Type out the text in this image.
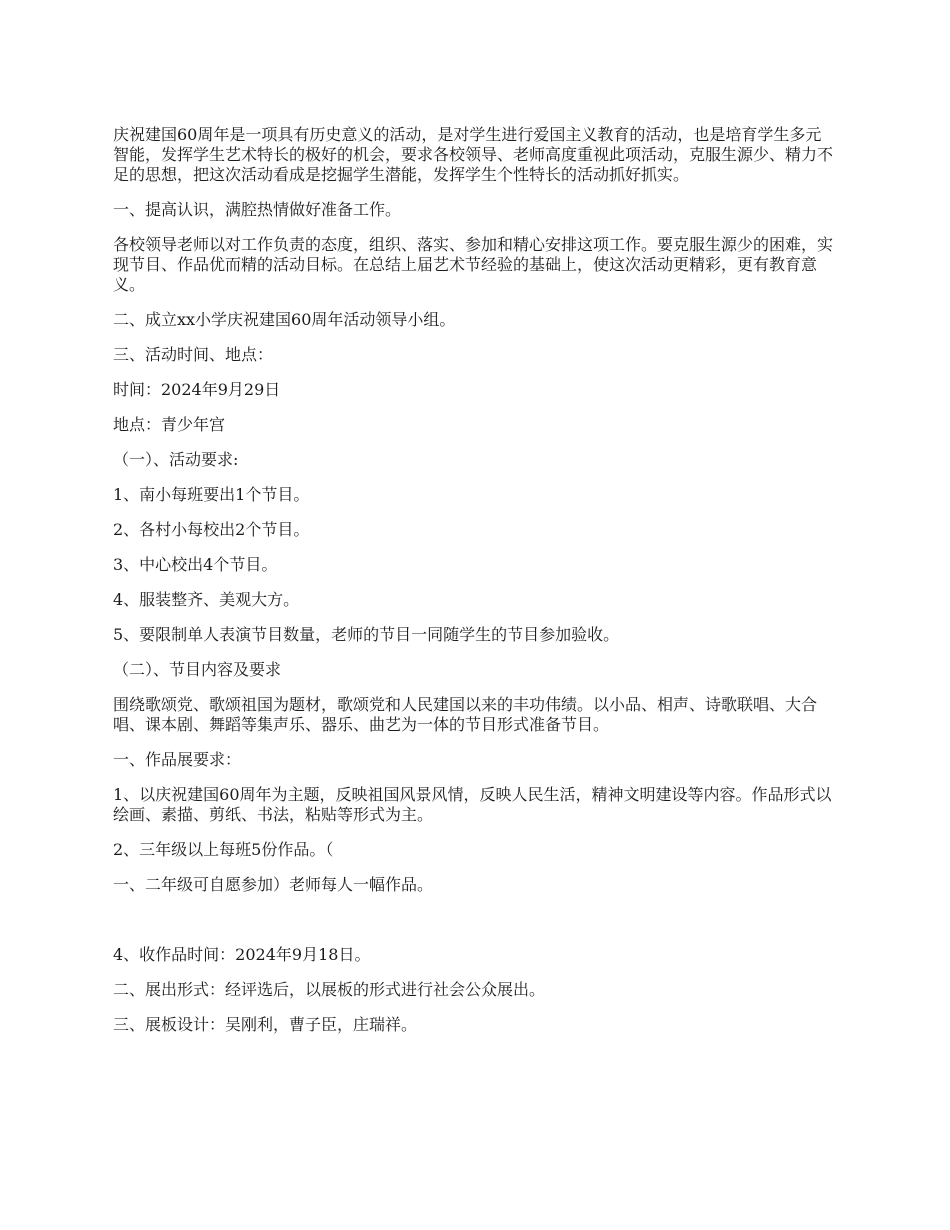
庆祝建国60周年是一项具有历史意义的活动，是对学生进行爱国主义教育的活动，也是培育学生多元智能，发挥学生艺术特长的极好的机会，要求各校领导、老师高度重视此项活动，克服生源少、精力不足的思想，把这次活动看成是挖掘学生潜能，发挥学生个性特长的活动抓好抓实。

一、提高认识，满腔热情做好准备工作。

各校领导老师以对工作负责的态度，组织、落实、参加和精心安排这项工作。要克服生源少的困难，实现节目、作品优而精的活动目标。在总结上届艺术节经验的基础上，使这次活动更精彩，更有教育意义。

二、成立xx小学庆祝建国60周年活动领导小组。

三、活动时间、地点：

时间：2024年9月29日

地点：青少年宫

（一）、活动要求:

1、南小每班要出1个节目。

2、各村小每校出2个节目。

3、中心校出4个节目。

4、服装整齐、美观大方。

5、要限制单人表演节目数量，老师的节目一同随学生的节目参加验收。

（二）、节目内容及要求

围绕歌颂党、歌颂祖国为题材，歌颂党和人民建国以来的丰功伟绩。以小品、相声、诗歌联唱、大合唱、课本剧、舞蹈等集声乐、器乐、曲艺为一体的节目形式准备节目。

一、作品展要求：

1、以庆祝建国60周年为主题，反映祖国风景风情，反映人民生活，精神文明建设等内容。作品形式以绘画、素描、剪纸、书法，粘贴等形式为主。

2、三年级以上每班5份作品。（

一、二年级可自愿参加）老师每人一幅作品。

4、收作品时间：2024年9月18日。

二、展出形式：经评选后，以展板的形式进行社会公众展出。

三、展板设计：吴刚利，曹子臣，庄瑞祥。
